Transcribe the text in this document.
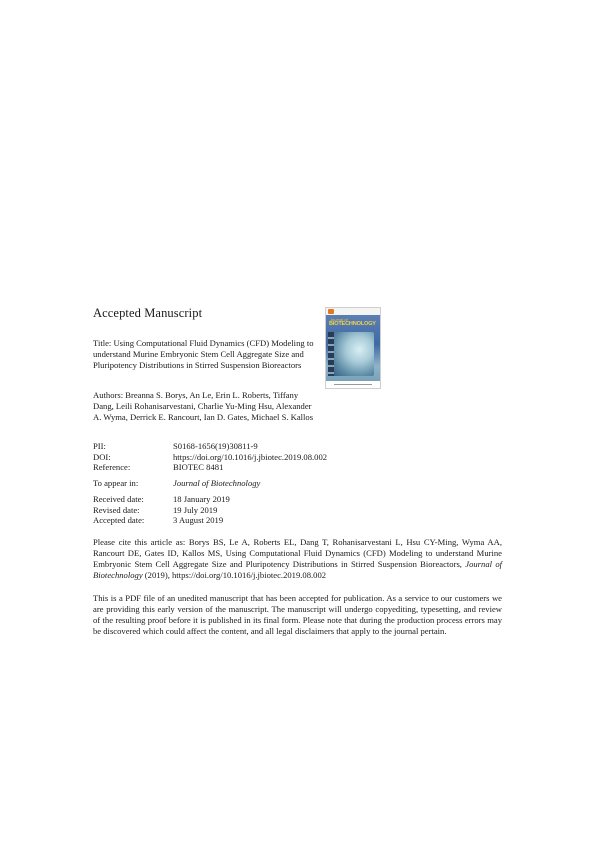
Accepted Manuscript
Title: Using Computational Fluid Dynamics (CFD) Modeling to understand Murine Embryonic Stem Cell Aggregate Size and Pluripotency Distributions in Stirred Suspension Bioreactors
Journal of
BIOTECHNOLOGY
Authors: Breanna S. Borys, An Le, Erin L. Roberts, Tiffany Dang, Leili Rohanisarvestani, Charlie Yu-Ming Hsu, Alexander A. Wyma, Derrick E. Rancourt, Ian D. Gates, Michael S. Kallos
PII:	S0168-1656(19)30811-9
DOI:	https://doi.org/10.1016/j.jbiotec.2019.08.002
Reference:	BIOTEC 8481
To appear in:	Journal of Biotechnology
Received date:	18 January 2019
Revised date:	19 July 2019
Accepted date:	3 August 2019
Please cite this article as: Borys BS, Le A, Roberts EL, Dang T, Rohanisarvestani L, Hsu CY-Ming, Wyma AA, Rancourt DE, Gates ID, Kallos MS, Using Computational Fluid Dynamics (CFD) Modeling to understand Murine Embryonic Stem Cell Aggregate Size and Pluripotency Distributions in Stirred Suspension Bioreactors, Journal of Biotechnology (2019), https://doi.org/10.1016/j.jbiotec.2019.08.002
This is a PDF file of an unedited manuscript that has been accepted for publication. As a service to our customers we are providing this early version of the manuscript. The manuscript will undergo copyediting, typesetting, and review of the resulting proof before it is published in its final form. Please note that during the production process errors may be discovered which could affect the content, and all legal disclaimers that apply to the journal pertain.
